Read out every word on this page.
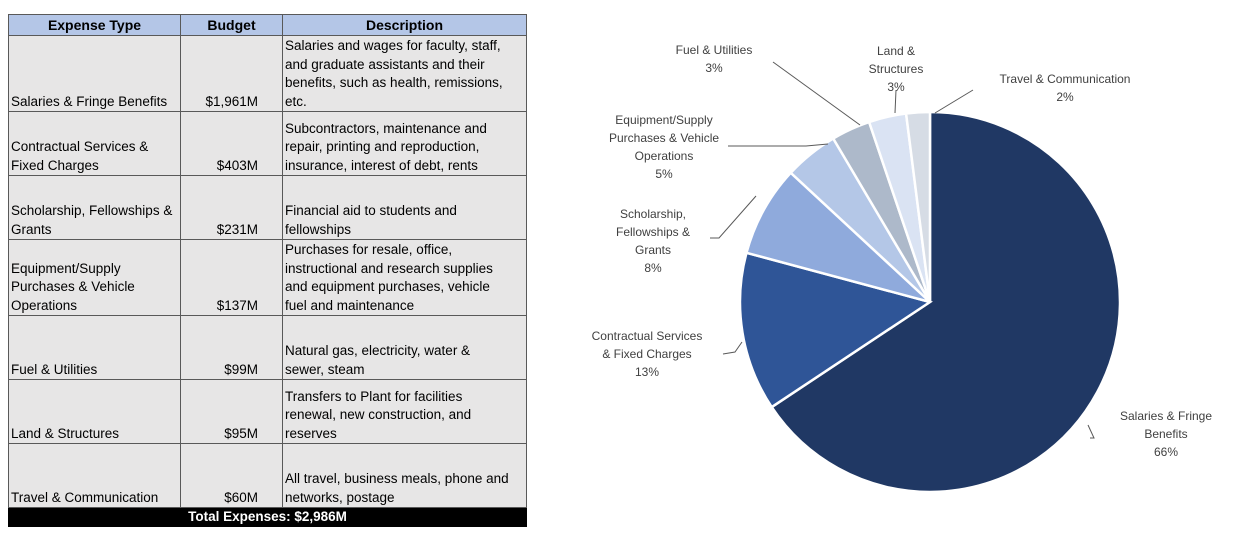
Expense Type	Budget	Description
Salaries & Fringe Benefits	$1,961M	Salaries and wages for faculty, staff,
and graduate assistants and their
benefits, such as health, remissions,
etc.
Contractual Services &
Fixed Charges	$403M	Subcontractors, maintenance and
repair, printing and reproduction,
insurance, interest of debt, rents
Scholarship, Fellowships &
Grants	$231M	Financial aid to students and
fellowships
Equipment/Supply
Purchases & Vehicle
Operations	$137M	Purchases for resale, office,
instructional and research supplies
and equipment purchases, vehicle
fuel and maintenance
Fuel & Utilities	$99M	Natural gas, electricity, water &
sewer, steam
Land & Structures	$95M	Transfers to Plant for facilities
renewal, new construction, and
reserves
Travel & Communication	$60M	All travel, business meals, phone and
networks, postage
Total Expenses: $2,986M		
Salaries & Fringe
Benefits
66%
Contractual Services
& Fixed Charges
13%
Scholarship,
Fellowships &
Grants
8%
Equipment/Supply
Purchases & Vehicle
Operations
5%
Fuel & Utilities
3%
Land &
Structures
3%
Travel & Communication
2%
